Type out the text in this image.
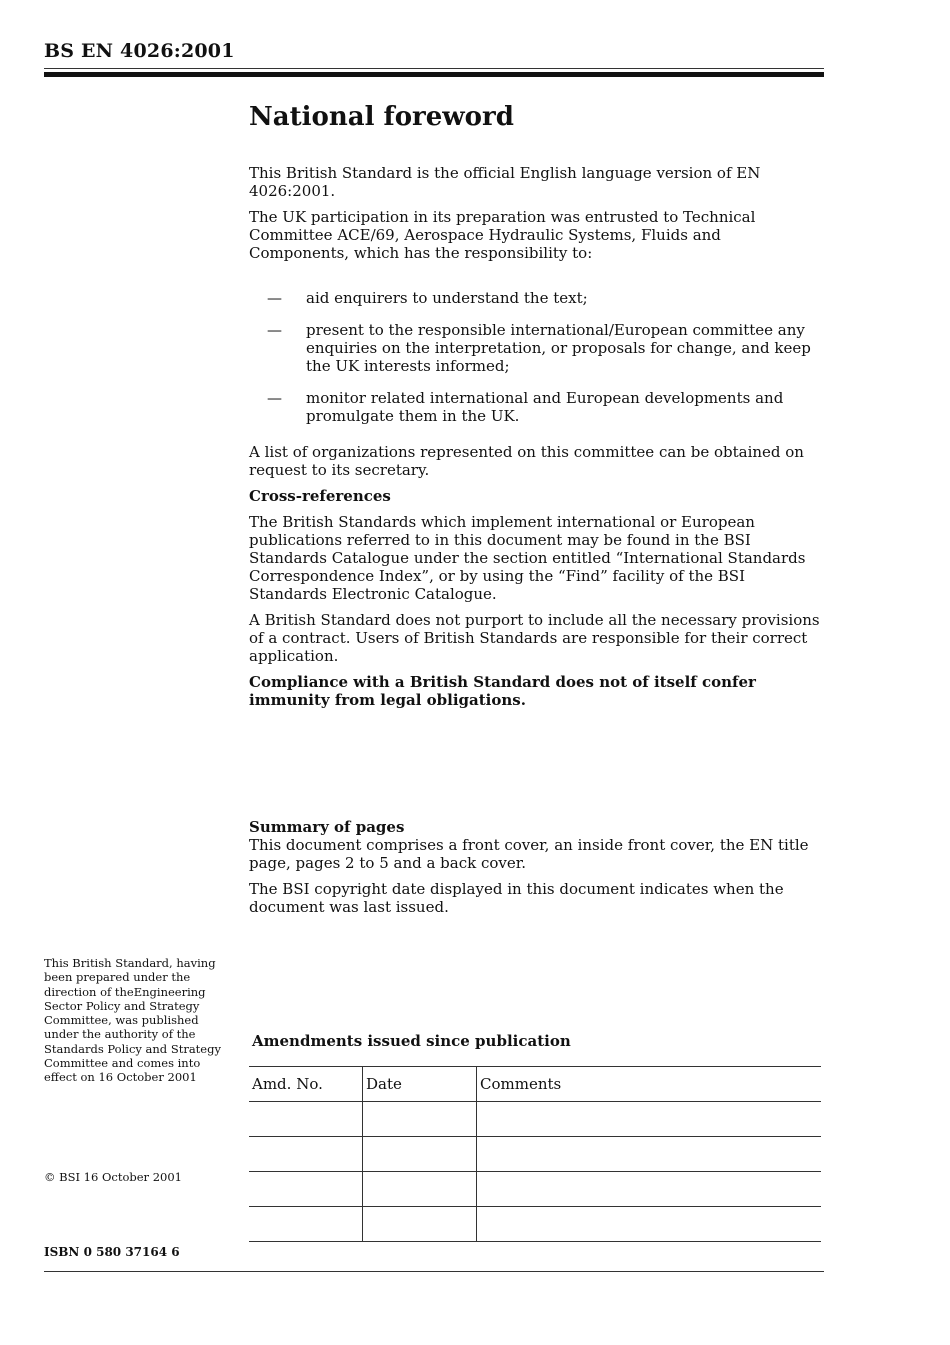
BS EN 4026:2001
National foreword

This British Standard is the official English language version of EN 4026:2001.

The UK participation in its preparation was entrusted to Technical Committee ACE/69, Aerospace Hydraulic Systems, Fluids and Components, which has the responsibility to:

— aid enquirers to understand the text;
— present to the responsible international/European committee any enquiries on the interpretation, or proposals for change, and keep the UK interests informed;
— monitor related international and European developments and promulgate them in the UK.

A list of organizations represented on this committee can be obtained on request to its secretary.

Cross-references

The British Standards which implement international or European publications referred to in this document may be found in the BSI Standards Catalogue under the section entitled “International Standards Correspondence Index”, or by using the “Find” facility of the BSI Standards Electronic Catalogue.

A British Standard does not purport to include all the necessary provisions of a contract. Users of British Standards are responsible for their correct application.

Compliance with a British Standard does not of itself confer immunity from legal obligations.

Summary of pages

This document comprises a front cover, an inside front cover, the EN title page, pages 2 to 5 and a back cover.

The BSI copyright date displayed in this document indicates when the document was last issued.

This British Standard, having been prepared under the direction of theEngineering Sector Policy and Strategy Committee, was published under the authority of the Standards Policy and Strategy Committee and comes into effect on 16 October 2001
© BSI 16 October 2001
Amendments issued since publication
Amd. No.	Date	Comments

ISBN 0 580 37164 6
